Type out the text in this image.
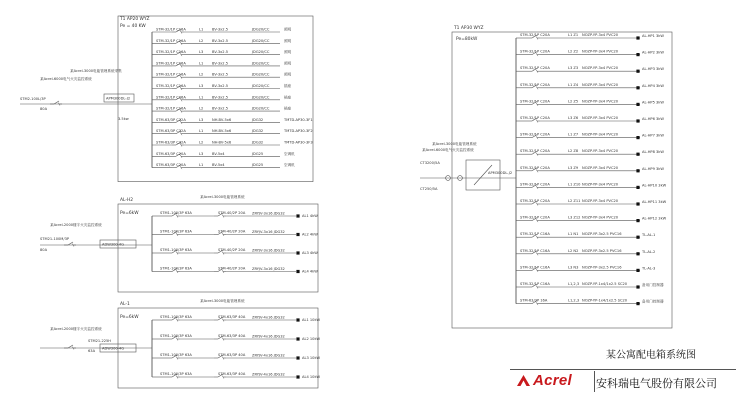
T1 AP20 WYZ
Pe = 40 KW
某Acrel-3000电能管理系统采集
某Acrel-6000电气火灾监控系统
STM2-100L/3P
80A
APM300DL-J2
3.5kw
STM-32/1P C16A	L1 BV-3x2.5	JDG20/CC	照明
STM-32/1P C16A	L2 BV-3x2.5	JDG20/CC	照明
STM-32/1P C16A	L3 BV-3x2.5	JDG20/CC	照明
STM-32/1P C16A	L1 BV-3x2.5	JDG20/CC	照明
STM-32/1P C16A	L2 BV-3x2.5	JDG20/CC	照明
STM-32/1P C16A	L3 BV-3x2.5	JDG20/CC	插座
STM-32/1P C16A	L1 BV-3x2.5	JDG20/CC	插座
STM-32/1P C16A	L2 BV-3x2.5	JDG20/CC	插座
STM-63/3P C32A	L3 NH-BV-5x6	JDG32	TMTD-AP30-3F1
STM-63/3P C32A	L1 NH-BV-5x6	JDG32	TMTD-AP30-3F2
STM-63/3P C32A	L2 NH-BV-5x6	JDG32	TMTD-AP30-3F3
STM-63/3P C20A	L3 BV-5x4	JDG25	空调机
STM-63/3P C20A	L1 BV-5x4	JDG25	空调机
AL-H2
Pe=6kW
某Acrel-3000电能管理系统
某Acrel-2000楼宇火灾监控系统
STM21-100M/3P
80A
ADW300-4G
STM1-100/3P 63A	STM-40/2P 20A ZRYJV-3x16 JDG32
AL1 4kW
STM1-100/3P 63A	STM-40/2P 20A ZRYJV-3x16 JDG32
AL2 4kW
STM1-100/3P 63A	STM-40/2P 20A ZRYJV-3x16 JDG32
AL3 4kW
STM1-100/3P 63A	STM-40/2P 20A ZRYJV-3x16 JDG32
AL4 4kW
AL-1
Pe=6kW
某Acrel-3000电能管理系统
某Acrel-2000楼宇火灾监控系统
STM21-225H
63A
ADW300-4G
STM1-100/3P 63A	STM-63/3P 40A ZRYJV-4x16 JDG32
AL1 10kW
STM1-100/3P 63A	STM-63/3P 40A ZRYJV-4x16 JDG32
AL2 10kW
STM1-100/3P 63A	STM-63/3P 40A ZRYJV-4x16 JDG32
AL3 10kW
STM1-100/3P 63A	STM-63/3P 40A ZRYJV-4x16 JDG32
AL4 10kW
T1 AP30 WYZ
Pe=80kW
某Acrel-3000电能管理系统
某Acrel-6000电气火灾监控系统
CT3200/5A
CT250/5A
APM300DL-J2
STM-32/1P C20A	L1 Z1 NOZP-YP-3x4 PVC20	AL-HP1 3kW
STM-32/1P C20A	L2 Z2 NOZP-YP-3x4 PVC20	AL-HP2 3kW
STM-32/1P C20A	L3 Z3 NOZP-YP-3x4 PVC20	AL-HP3 3kW
STM-32/1P C20A	L1 Z4 NOZP-YP-3x4 PVC20	AL-HP4 3kW
STM-32/1P C20A	L2 Z5 NOZP-YP-3x4 PVC20	AL-HP5 3kW
STM-32/1P C20A	L3 Z6 NOZP-YP-3x4 PVC20	AL-HP6 3kW
STM-32/1P C20A	L1 Z7 NOZP-YP-3x4 PVC20	AL-HP7 3kW
STM-32/1P C20A	L2 Z8 NOZP-YP-3x4 PVC20	AL-HP8 3kW
STM-32/1P C20A	L3 Z9 NOZP-YP-3x4 PVC20	AL-HP9 3kW
STM-32/1P C20A	L1 Z10 NOZP-YP-3x4 PVC20	AL-HP10 3kW
STM-32/1P C20A	L2 Z11 NOZP-YP-3x4 PVC20	AL-HP11 3kW
STM-32/1P C20A	L3 Z12 NOZP-YP-3x4 PVC20	AL-HP12 3kW
STM-32/1P C16A	L1 N1 NOZP-YP-3x2.5 PVC16	TL-AL-1
STM-32/1P C16A	L2 N2 NOZP-YP-3x2.5 PVC16	TL-AL-2
STM-32/1P C16A	L3 N3 NOZP-YP-3x2.5 PVC16	TL-AL-3
STM-32/1P C16A	L1,2,3 NOZP-YP-1x4/1x2.5 SC20	备用门控制器
STM-63/3P 16A	L1,2,3 NOZP-YP-1x4/1x2.5 SC20	备用门控制器
某公寓配电箱系统图
Acrel 安科瑞电气股份有限公司
